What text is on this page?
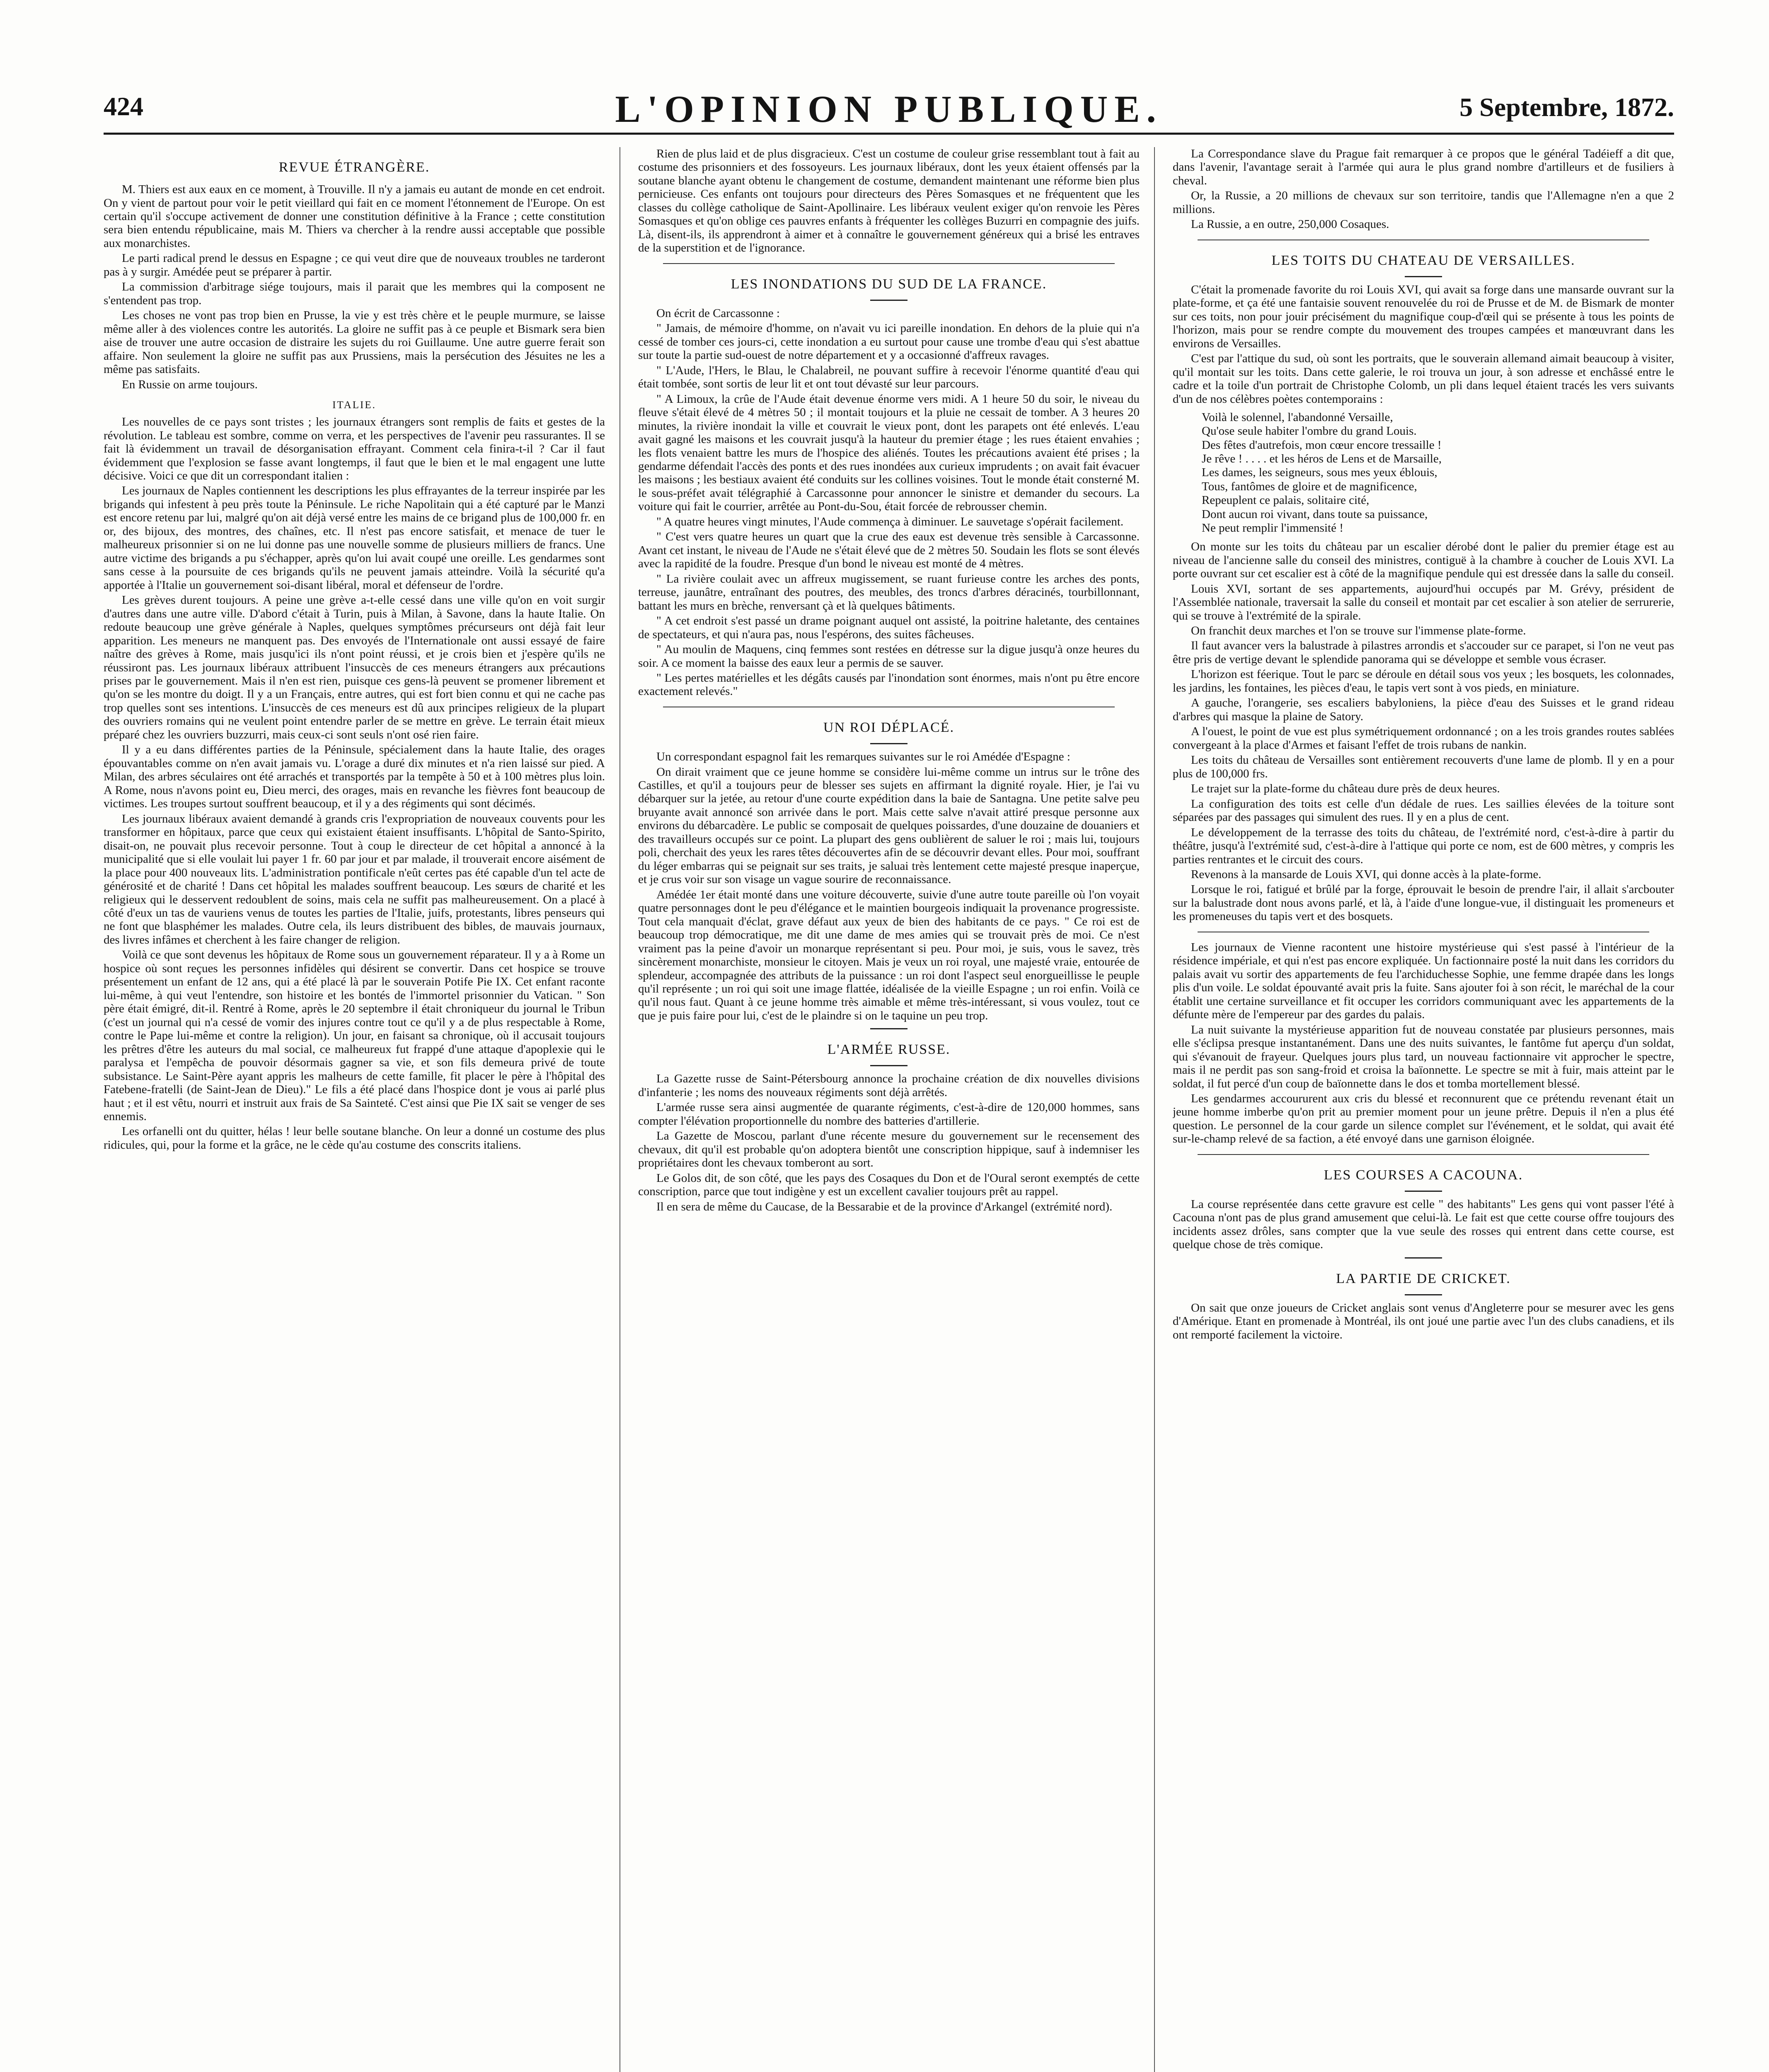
424	L'OPINION PUBLIQUE.	5 Septembre, 1872.
REVUE ÉTRANGÈRE.

M. Thiers est aux eaux en ce moment, à Trouville. Il n'y a jamais eu autant de monde en cet endroit. On y vient de partout pour voir le petit vieillard qui fait en ce moment l'étonnement de l'Europe. On est certain qu'il s'occupe activement de donner une constitution définitive à la France ; cette constitution sera bien entendu républicaine, mais M. Thiers va chercher à la rendre aussi acceptable que possible aux monarchistes.

Le parti radical prend le dessus en Espagne ; ce qui veut dire que de nouveaux troubles ne tarderont pas à y surgir. Amédée peut se préparer à partir.

La commission d'arbitrage siége toujours, mais il parait que les membres qui la composent ne s'entendent pas trop.

Les choses ne vont pas trop bien en Prusse, la vie y est très chère et le peuple murmure, se laisse même aller à des violences contre les autorités. La gloire ne suffit pas à ce peuple et Bismark sera bien aise de trouver une autre occasion de distraire les sujets du roi Guillaume. Une autre guerre ferait son affaire. Non seulement la gloire ne suffit pas aux Prussiens, mais la persécution des Jésuites ne les a même pas satisfaits.

En Russie on arme toujours.

ITALIE.

Les nouvelles de ce pays sont tristes ; les journaux étrangers sont remplis de faits et gestes de la révolution. Le tableau est sombre, comme on verra, et les perspectives de l'avenir peu rassurantes. Il se fait là évidemment un travail de désorganisation effrayant. Comment cela finira-t-il ? Car il faut évidemment que l'explosion se fasse avant longtemps, il faut que le bien et le mal engagent une lutte décisive. Voici ce que dit un correspondant italien :

Les journaux de Naples contiennent les descriptions les plus effrayantes de la terreur inspirée par les brigands qui infestent à peu près toute la Péninsule. Le riche Napolitain qui a été capturé par le Manzi est encore retenu par lui, malgré qu'on ait déjà versé entre les mains de ce brigand plus de 100,000 fr. en or, des bijoux, des montres, des chaînes, etc. Il n'est pas encore satisfait, et menace de tuer le malheureux prisonnier si on ne lui donne pas une nouvelle somme de plusieurs milliers de francs. Une autre victime des brigands a pu s'échapper, après qu'on lui avait coupé une oreille. Les gendarmes sont sans cesse à la poursuite de ces brigands qu'ils ne peuvent jamais atteindre. Voilà la sécurité qu'a apportée à l'Italie un gouvernement soi-disant libéral, moral et défenseur de l'ordre.

Les grèves durent toujours. A peine une grève a-t-elle cessé dans une ville qu'on en voit surgir d'autres dans une autre ville. D'abord c'était à Turin, puis à Milan, à Savone, dans la haute Italie. On redoute beaucoup une grève générale à Naples, quelques symptômes précurseurs ont déjà fait leur apparition. Les meneurs ne manquent pas. Des envoyés de l'Internationale ont aussi essayé de faire naître des grèves à Rome, mais jusqu'ici ils n'ont point réussi, et je crois bien et j'espère qu'ils ne réussiront pas. Les journaux libéraux attribuent l'insuccès de ces meneurs étrangers aux précautions prises par le gouvernement. Mais il n'en est rien, puisque ces gens-là peuvent se promener librement et qu'on se les montre du doigt. Il y a un Français, entre autres, qui est fort bien connu et qui ne cache pas trop quelles sont ses intentions. L'insuccès de ces meneurs est dû aux principes religieux de la plupart des ouvriers romains qui ne veulent point entendre parler de se mettre en grève. Le terrain était mieux préparé chez les ouvriers buzzurri, mais ceux-ci sont seuls n'ont osé rien faire.

Il y a eu dans différentes parties de la Péninsule, spécialement dans la haute Italie, des orages épouvantables comme on n'en avait jamais vu. L'orage a duré dix minutes et n'a rien laissé sur pied. A Milan, des arbres séculaires ont été arrachés et transportés par la tempête à 50 et à 100 mètres plus loin. A Rome, nous n'avons point eu, Dieu merci, des orages, mais en revanche les fièvres font beaucoup de victimes. Les troupes surtout souffrent beaucoup, et il y a des régiments qui sont décimés.

Les journaux libéraux avaient demandé à grands cris l'expropriation de nouveaux couvents pour les transformer en hôpitaux, parce que ceux qui existaient étaient insuffisants. L'hôpital de Santo-Spirito, disait-on, ne pouvait plus recevoir personne. Tout à coup le directeur de cet hôpital a annoncé à la municipalité que si elle voulait lui payer 1 fr. 60 par jour et par malade, il trouverait encore aisément de la place pour 400 nouveaux lits. L'administration pontificale n'eût certes pas été capable d'un tel acte de générosité et de charité ! Dans cet hôpital les malades souffrent beaucoup. Les sœurs de charité et les religieux qui le desservent redoublent de soins, mais cela ne suffit pas malheureusement. On a placé à côté d'eux un tas de vauriens venus de toutes les parties de l'Italie, juifs, protestants, libres penseurs qui ne font que blasphémer les malades. Outre cela, ils leurs distribuent des bibles, de mauvais journaux, des livres infâmes et cherchent à les faire changer de religion.

Voilà ce que sont devenus les hôpitaux de Rome sous un gouvernement réparateur. Il y a à Rome un hospice où sont reçues les personnes infidèles qui désirent se convertir. Dans cet hospice se trouve présentement un enfant de 12 ans, qui a été placé là par le souverain Potife Pie IX. Cet enfant raconte lui-même, à qui veut l'entendre, son histoire et les bontés de l'immortel prisonnier du Vatican. " Son père était émigré, dit-il. Rentré à Rome, après le 20 septembre il était chroniqueur du journal le Tribun (c'est un journal qui n'a cessé de vomir des injures contre tout ce qu'il y a de plus respectable à Rome, contre le Pape lui-même et contre la religion). Un jour, en faisant sa chronique, où il accusait toujours les prêtres d'être les auteurs du mal social, ce malheureux fut frappé d'une attaque d'apoplexie qui le paralysa et l'empêcha de pouvoir désormais gagner sa vie, et son fils demeura privé de toute subsistance. Le Saint-Père ayant appris les malheurs de cette famille, fit placer le père à l'hôpital des Fatebene-fratelli (de Saint-Jean de Dieu)." Le fils a été placé dans l'hospice dont je vous ai parlé plus haut ; et il est vêtu, nourri et instruit aux frais de Sa Sainteté. C'est ainsi que Pie IX sait se venger de ses ennemis.

Les orfanelli ont du quitter, hélas ! leur belle soutane blanche. On leur a donné un costume des plus ridicules, qui, pour la forme et la grâce, ne le cède qu'au costume des conscrits italiens.

Rien de plus laid et de plus disgracieux. C'est un costume de couleur grise ressemblant tout à fait au costume des prisonniers et des fossoyeurs. Les journaux libéraux, dont les yeux étaient offensés par la soutane blanche ayant obtenu le changement de costume, demandent maintenant une réforme bien plus pernicieuse. Ces enfants ont toujours pour directeurs des Pères Somasques et ne fréquentent que les classes du collège catholique de Saint-Apollinaire. Les libéraux veulent exiger qu'on renvoie les Pères Somasques et qu'on oblige ces pauvres enfants à fréquenter les collèges Buzurri en compagnie des juifs. Là, disent-ils, ils apprendront à aimer et à connaître le gouvernement généreux qui a brisé les entraves de la superstition et de l'ignorance.

LES INONDATIONS DU SUD DE LA FRANCE.

On écrit de Carcassonne :

" Jamais, de mémoire d'homme, on n'avait vu ici pareille inondation. En dehors de la pluie qui n'a cessé de tomber ces jours-ci, cette inondation a eu surtout pour cause une trombe d'eau qui s'est abattue sur toute la partie sud-ouest de notre département et y a occasionné d'affreux ravages.

" L'Aude, l'Hers, le Blau, le Chalabreil, ne pouvant suffire à recevoir l'énorme quantité d'eau qui était tombée, sont sortis de leur lit et ont tout dévasté sur leur parcours.

" A Limoux, la crûe de l'Aude était devenue énorme vers midi. A 1 heure 50 du soir, le niveau du fleuve s'était élevé de 4 mètres 50 ; il montait toujours et la pluie ne cessait de tomber. A 3 heures 20 minutes, la rivière inondait la ville et couvrait le vieux pont, dont les parapets ont été enlevés. L'eau avait gagné les maisons et les couvrait jusqu'à la hauteur du premier étage ; les rues étaient envahies ; les flots venaient battre les murs de l'hospice des aliénés. Toutes les précautions avaient été prises ; la gendarme défendait l'accès des ponts et des rues inondées aux curieux imprudents ; on avait fait évacuer les maisons ; les bestiaux avaient été conduits sur les collines voisines. Tout le monde était consterné M. le sous-préfet avait télégraphié à Carcassonne pour annoncer le sinistre et demander du secours. La voiture qui fait le courrier, arrêtée au Pont-du-Sou, était forcée de rebrousser chemin.

" A quatre heures vingt minutes, l'Aude commença à diminuer. Le sauvetage s'opérait facilement.

" C'est vers quatre heures un quart que la crue des eaux est devenue très sensible à Carcassonne. Avant cet instant, le niveau de l'Aude ne s'était élevé que de 2 mètres 50. Soudain les flots se sont élevés avec la rapidité de la foudre. Presque d'un bond le niveau est monté de 4 mètres.

" La rivière coulait avec un affreux mugissement, se ruant furieuse contre les arches des ponts, terreuse, jaunâtre, entraînant des poutres, des meubles, des troncs d'arbres déracinés, tourbillonnant, battant les murs en brèche, renversant çà et là quelques bâtiments.

" A cet endroit s'est passé un drame poignant auquel ont assisté, la poitrine haletante, des centaines de spectateurs, et qui n'aura pas, nous l'espérons, des suites fâcheuses.

" Au moulin de Maquens, cinq femmes sont restées en détresse sur la digue jusqu'à onze heures du soir. A ce moment la baisse des eaux leur a permis de se sauver.

" Les pertes matérielles et les dégâts causés par l'inondation sont énormes, mais n'ont pu être encore exactement relevés."

UN ROI DÉPLACÉ.

Un correspondant espagnol fait les remarques suivantes sur le roi Amédée d'Espagne :

On dirait vraiment que ce jeune homme se considère lui-même comme un intrus sur le trône des Castilles, et qu'il a toujours peur de blesser ses sujets en affirmant la dignité royale. Hier, je l'ai vu débarquer sur la jetée, au retour d'une courte expédition dans la baie de Santagna. Une petite salve peu bruyante avait annoncé son arrivée dans le port. Mais cette salve n'avait attiré presque personne aux environs du débarcadère. Le public se composait de quelques poissardes, d'une douzaine de douaniers et des travailleurs occupés sur ce point. La plupart des gens oublièrent de saluer le roi ; mais lui, toujours poli, cherchait des yeux les rares têtes découvertes afin de se découvrir devant elles. Pour moi, souffrant du léger embarras qui se peignait sur ses traits, je saluai très lentement cette majesté presque inaperçue, et je crus voir sur son visage un vague sourire de reconnaissance.

Amédée 1er était monté dans une voiture découverte, suivie d'une autre toute pareille où l'on voyait quatre personnages dont le peu d'élégance et le maintien bourgeois indiquait la provenance progressiste. Tout cela manquait d'éclat, grave défaut aux yeux de bien des habitants de ce pays. " Ce roi est de beaucoup trop démocratique, me dit une dame de mes amies qui se trouvait près de moi. Ce n'est vraiment pas la peine d'avoir un monarque représentant si peu. Pour moi, je suis, vous le savez, très sincèrement monarchiste, monsieur le citoyen. Mais je veux un roi royal, une majesté vraie, entourée de splendeur, accompagnée des attributs de la puissance : un roi dont l'aspect seul enorgueillisse le peuple qu'il représente ; un roi qui soit une image flattée, idéalisée de la vieille Espagne ; un roi enfin. Voilà ce qu'il nous faut. Quant à ce jeune homme très aimable et même très-intéressant, si vous voulez, tout ce que je puis faire pour lui, c'est de le plaindre si on le taquine un peu trop.

L'ARMÉE RUSSE.

La Gazette russe de Saint-Pétersbourg annonce la prochaine création de dix nouvelles divisions d'infanterie ; les noms des nouveaux régiments sont déjà arrêtés.

L'armée russe sera ainsi augmentée de quarante régiments, c'est-à-dire de 120,000 hommes, sans compter l'élévation proportionnelle du nombre des batteries d'artillerie.

La Gazette de Moscou, parlant d'une récente mesure du gouvernement sur le recensement des chevaux, dit qu'il est probable qu'on adoptera bientôt une conscription hippique, sauf à indemniser les propriétaires dont les chevaux tomberont au sort.

Le Golos dit, de son côté, que les pays des Cosaques du Don et de l'Oural seront exemptés de cette conscription, parce que tout indigène y est un excellent cavalier toujours prêt au rappel.

Il en sera de même du Caucase, de la Bessarabie et de la province d'Arkangel (extrémité nord).

La Correspondance slave du Prague fait remarquer à ce propos que le général Tadéieff a dit que, dans l'avenir, l'avantage serait à l'armée qui aura le plus grand nombre d'artilleurs et de fusiliers à cheval.

Or, la Russie, a 20 millions de chevaux sur son territoire, tandis que l'Allemagne n'en a que 2 millions.

La Russie, a en outre, 250,000 Cosaques.

LES TOITS DU CHATEAU DE VERSAILLES.

C'était la promenade favorite du roi Louis XVI, qui avait sa forge dans une mansarde ouvrant sur la plate-forme, et ça été une fantaisie souvent renouvelée du roi de Prusse et de M. de Bismark de monter sur ces toits, non pour jouir précisément du magnifique coup-d'œil qui se présente à tous les points de l'horizon, mais pour se rendre compte du mouvement des troupes campées et manœuvrant dans les environs de Versailles.

C'est par l'attique du sud, où sont les portraits, que le souverain allemand aimait beaucoup à visiter, qu'il montait sur les toits. Dans cette galerie, le roi trouva un jour, à son adresse et enchâssé entre le cadre et la toile d'un portrait de Christophe Colomb, un pli dans lequel étaient tracés les vers suivants d'un de nos célèbres poètes contemporains :

Voilà le solennel, l'abandonné Versaille,
Qu'ose seule habiter l'ombre du grand Louis.
Des fêtes d'autrefois, mon cœur encore tressaille !
Je rêve ! . . . . et les héros de Lens et de Marsaille,
Les dames, les seigneurs, sous mes yeux éblouis,
Tous, fantômes de gloire et de magnificence,
Repeuplent ce palais, solitaire cité,
Dont aucun roi vivant, dans toute sa puissance,
Ne peut remplir l'immensité !

On monte sur les toits du château par un escalier dérobé dont le palier du premier étage est au niveau de l'ancienne salle du conseil des ministres, contiguë à la chambre à coucher de Louis XVI. La porte ouvrant sur cet escalier est à côté de la magnifique pendule qui est dressée dans la salle du conseil.

Louis XVI, sortant de ses appartements, aujourd'hui occupés par M. Grévy, président de l'Assemblée nationale, traversait la salle du conseil et montait par cet escalier à son atelier de serrurerie, qui se trouve à l'extrémité de la spirale.

On franchit deux marches et l'on se trouve sur l'immense plate-forme.

Il faut avancer vers la balustrade à pilastres arrondis et s'accouder sur ce parapet, si l'on ne veut pas être pris de vertige devant le splendide panorama qui se développe et semble vous écraser.

L'horizon est féerique. Tout le parc se déroule en détail sous vos yeux ; les bosquets, les colonnades, les jardins, les fontaines, les pièces d'eau, le tapis vert sont à vos pieds, en miniature.

A gauche, l'orangerie, ses escaliers babyloniens, la pièce d'eau des Suisses et le grand rideau d'arbres qui masque la plaine de Satory.

A l'ouest, le point de vue est plus symétriquement ordonnancé ; on a les trois grandes routes sablées convergeant à la place d'Armes et faisant l'effet de trois rubans de nankin.

Les toits du château de Versailles sont entièrement recouverts d'une lame de plomb. Il y en a pour plus de 100,000 frs.

Le trajet sur la plate-forme du château dure près de deux heures.

La configuration des toits est celle d'un dédale de rues. Les saillies élevées de la toiture sont séparées par des passages qui simulent des rues. Il y en a plus de cent.

Le développement de la terrasse des toits du château, de l'extrémité nord, c'est-à-dire à partir du théâtre, jusqu'à l'extrémité sud, c'est-à-dire à l'attique qui porte ce nom, est de 600 mètres, y compris les parties rentrantes et le circuit des cours.

Revenons à la mansarde de Louis XVI, qui donne accès à la plate-forme.

Lorsque le roi, fatigué et brûlé par la forge, éprouvait le besoin de prendre l'air, il allait s'arcbouter sur la balustrade dont nous avons parlé, et là, à l'aide d'une longue-vue, il distinguait les promeneurs et les promeneuses du tapis vert et des bosquets.

Les journaux de Vienne racontent une histoire mystérieuse qui s'est passé à l'intérieur de la résidence impériale, et qui n'est pas encore expliquée. Un factionnaire posté la nuit dans les corridors du palais avait vu sortir des appartements de feu l'archiduchesse Sophie, une femme drapée dans les longs plis d'un voile. Le soldat épouvanté avait pris la fuite. Sans ajouter foi à son récit, le maréchal de la cour établit une certaine surveillance et fit occuper les corridors communiquant avec les appartements de la défunte mère de l'empereur par des gardes du palais.

La nuit suivante la mystérieuse apparition fut de nouveau constatée par plusieurs personnes, mais elle s'éclipsa presque instantanément. Dans une des nuits suivantes, le fantôme fut aperçu d'un soldat, qui s'évanouit de frayeur. Quelques jours plus tard, un nouveau factionnaire vit approcher le spectre, mais il ne perdit pas son sang-froid et croisa la baïonnette. Le spectre se mit à fuir, mais atteint par le soldat, il fut percé d'un coup de baïonnette dans le dos et tomba mortellement blessé.

Les gendarmes accoururent aux cris du blessé et reconnurent que ce prétendu revenant était un jeune homme imberbe qu'on prit au premier moment pour un jeune prêtre. Depuis il n'en a plus été question. Le personnel de la cour garde un silence complet sur l'événement, et le soldat, qui avait été sur-le-champ relevé de sa faction, a été envoyé dans une garnison éloignée.

LES COURSES A CACOUNA.

La course représentée dans cette gravure est celle " des habitants" Les gens qui vont passer l'été à Cacouna n'ont pas de plus grand amusement que celui-là. Le fait est que cette course offre toujours des incidents assez drôles, sans compter que la vue seule des rosses qui entrent dans cette course, est quelque chose de très comique.

LA PARTIE DE CRICKET.

On sait que onze joueurs de Cricket anglais sont venus d'Angleterre pour se mesurer avec les gens d'Amérique. Etant en promenade à Montréal, ils ont joué une partie avec l'un des clubs canadiens, et ils ont remporté facilement la victoire.
